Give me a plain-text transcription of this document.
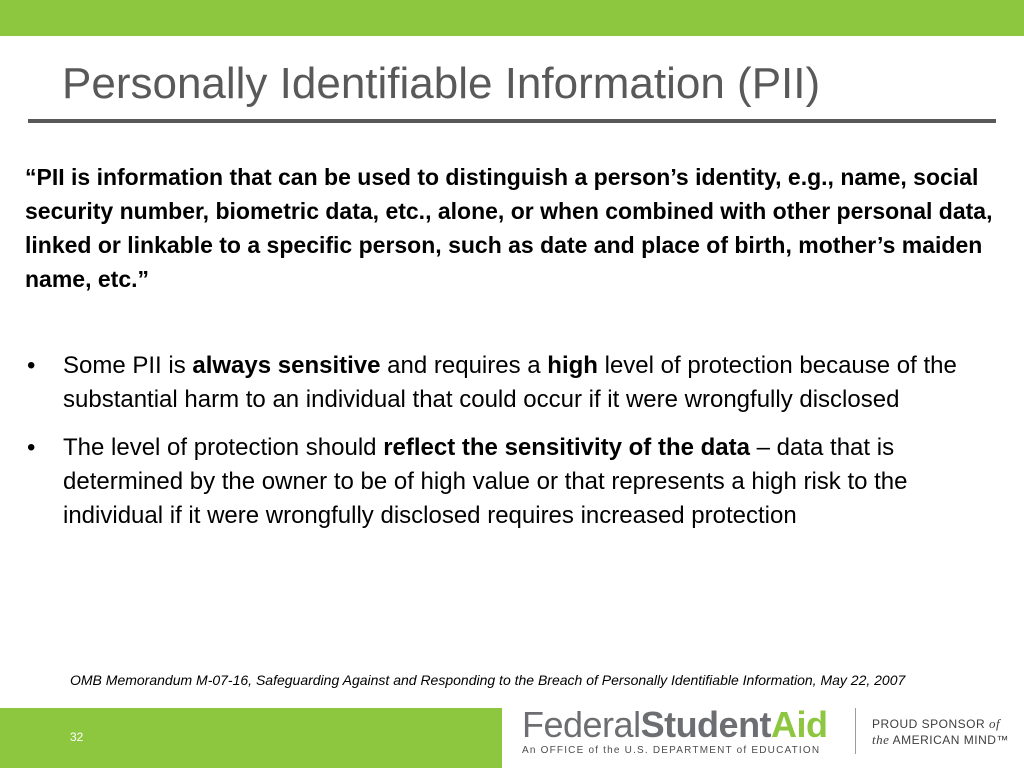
Personally Identifiable Information (PII)

“PII is information that can be used to distinguish a person’s identity, e.g., name, social security number, biometric data, etc., alone, or when combined with other personal data, linked or linkable to a specific person, such as date and place of birth, mother’s maiden name, etc.”

• Some PII is always sensitive and requires a high level of protection because of the substantial harm to an individual that could occur if it were wrongfully disclosed
• The level of protection should reflect the sensitivity of the data – data that is determined by the owner to be of high value or that represents a high risk to the individual if it were wrongfully disclosed requires increased protection

OMB Memorandum M-07-16, Safeguarding Against and Responding to the Breach of Personally Identifiable Information, May 22, 2007

32	FederalStudentAid
An OFFICE of the U.S. DEPARTMENT of EDUCATION
PROUD SPONSOR of
the AMERICAN MIND™
